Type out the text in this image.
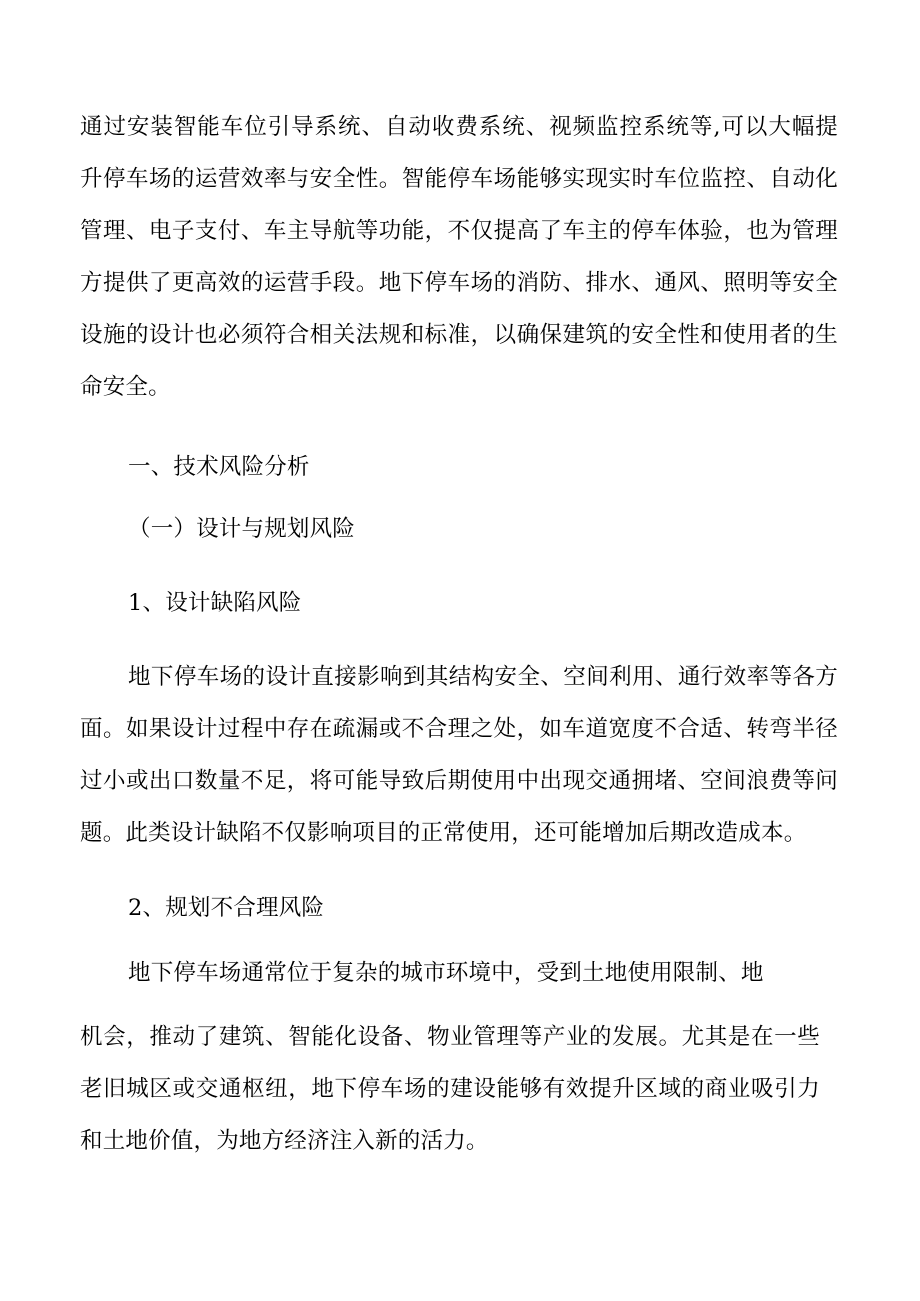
通过安装智能车位引导系统、自动收费系统、视频监控系统等,可以大幅提
升停车场的运营效率与安全性。智能停车场能够实现实时车位监控、自动化
管理、电子支付、车主导航等功能，不仅提高了车主的停车体验，也为管理
方提供了更高效的运营手段。地下停车场的消防、排水、通风、照明等安全
设施的设计也必须符合相关法规和标准，以确保建筑的安全性和使用者的生
命安全。
一、技术风险分析
（一）设计与规划风险
1、设计缺陷风险
地下停车场的设计直接影响到其结构安全、空间利用、通行效率等各方
面。如果设计过程中存在疏漏或不合理之处，如车道宽度不合适、转弯半径
过小或出口数量不足，将可能导致后期使用中出现交通拥堵、空间浪费等问
题。此类设计缺陷不仅影响项目的正常使用，还可能增加后期改造成本。
2、规划不合理风险
地下停车场通常位于复杂的城市环境中，受到土地使用限制、地
机会，推动了建筑、智能化设备、物业管理等产业的发展。尤其是在一些
老旧城区或交通枢纽，地下停车场的建设能够有效提升区域的商业吸引力
和土地价值，为地方经济注入新的活力。
